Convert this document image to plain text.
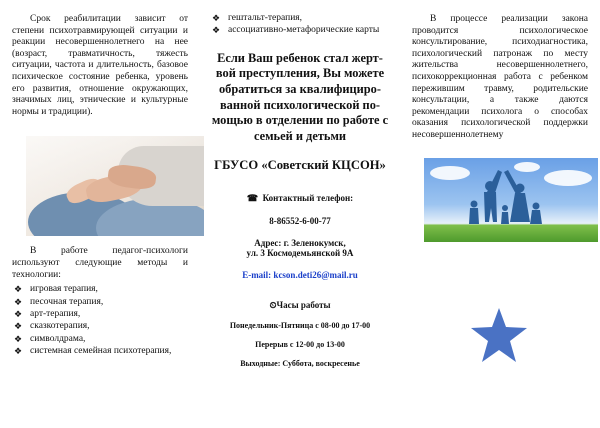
Срок реабилитации зависит от степени психотравмирующей ситуации и реакции несовершеннолетнего на нее (возраст, травматичность, тяжесть ситуации, частота и длительность, базовое психическое состояние ребенка, уровень его развития, отношение окружающих, значимых лиц, этнические и культурные нормы и традиции).

В работе педагог-психологи используют следующие методы и технологии:

❖ игровая терапия,
❖ песочная терапия,
❖ арт-терапия,
❖ сказкотерапия,
❖ символдрама,
❖ системная семейная психотерапия,
❖ гештальт-терапия,
❖ ассоциативно-метафорические карты

Если Ваш ребенок стал жерт-вой преступления, Вы можете обратиться за квалифициро-ванной психологической по-мощью в отделении по работе с семьей и детьми

ГБУСО «Советский КЦСОН»

☎ Контактный телефон:

8-86552-6-00-77

Адрес: г. Зеленокумск,

ул. 3 Космодемьянской 9А

E-mail: kcson.deti26@mail.ru

⏲Часы работы

Понедельник-Пятница с 08-00 до 17-00

Перерыв с 12-00 до 13-00

Выходные: Суббота, воскресенье

В процессе реализации закона проводится психологическое консультирование, психодиагностика, психологический патронаж по месту жительства несовершеннолетнего, психокоррекционная работа с ребенком пережившим травму, родительские консультации, а также даются рекомендации психолога о способах оказания психологической поддержки несовершеннолетнему
